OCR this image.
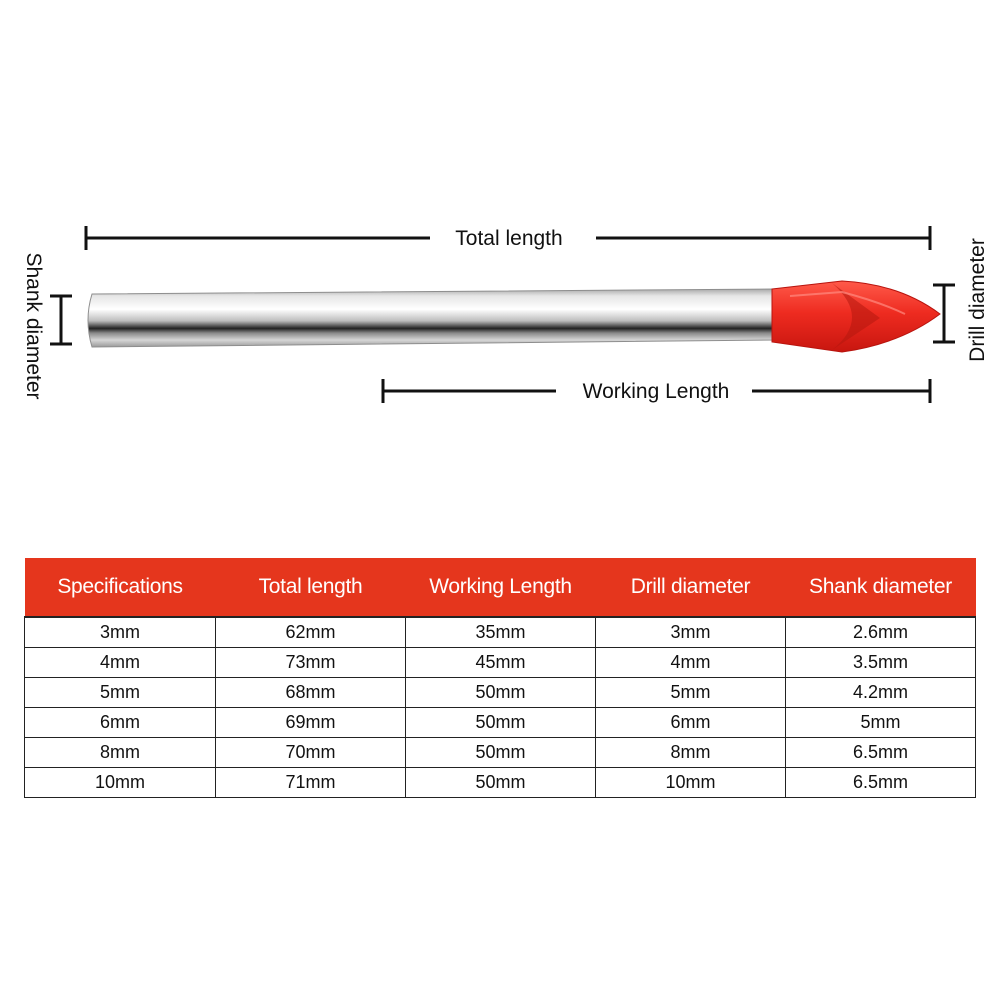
Total length
Working Length
Shank diameter	Drill diameter
Specifications	Total length	Working Length	Drill diameter	Shank diameter
3mm	62mm	35mm	3mm	2.6mm
4mm	73mm	45mm	4mm	3.5mm
5mm	68mm	50mm	5mm	4.2mm
6mm	69mm	50mm	6mm	5mm
8mm	70mm	50mm	8mm	6.5mm
10mm	71mm	50mm	10mm	6.5mm
